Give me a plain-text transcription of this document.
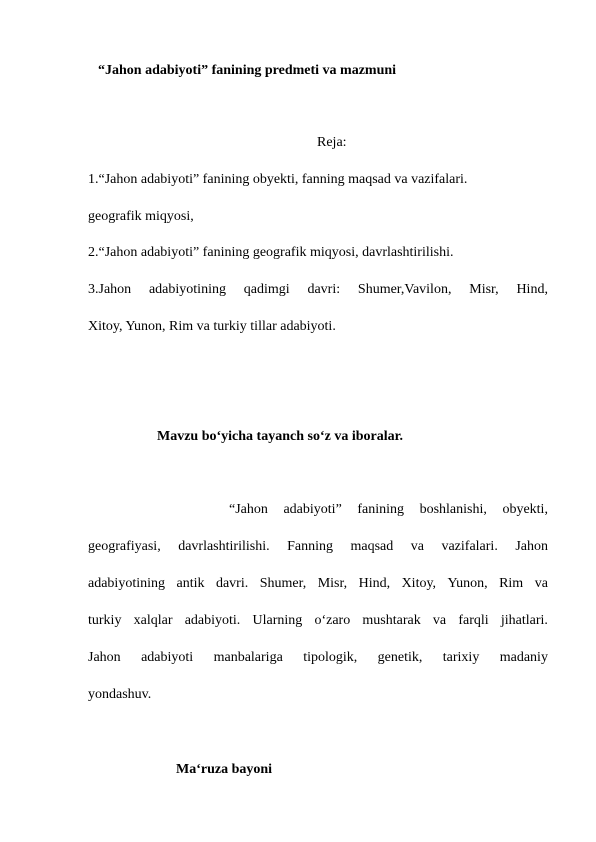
“Jahon adabiyoti” fanining predmeti va mazmuni
Reja:
1.“Jahon adabiyoti” fanining obyekti, fanning maqsad va vazifalari.
geografik miqyosi,
2.“Jahon adabiyoti” fanining geografik miqyosi, davrlashtirilishi.
3.Jahon adabiyotining qadimgi davri: Shumer,Vavilon, Misr, Hind,
Xitoy, Yunon, Rim va turkiy tillar adabiyoti.
Mavzu bo‘yicha tayanch so‘z va iboralar.
“Jahon adabiyoti” fanining boshlanishi, obyekti,
geografiyasi, davrlashtirilishi. Fanning maqsad va vazifalari. Jahon
adabiyotining antik davri. Shumer, Misr, Hind, Xitoy, Yunon, Rim va
turkiy xalqlar adabiyoti. Ularning o‘zaro mushtarak va farqli jihatlari.
Jahon adabiyoti manbalariga tipologik, genetik, tarixiy madaniy
yondashuv.
Ma‘ruza bayoni
